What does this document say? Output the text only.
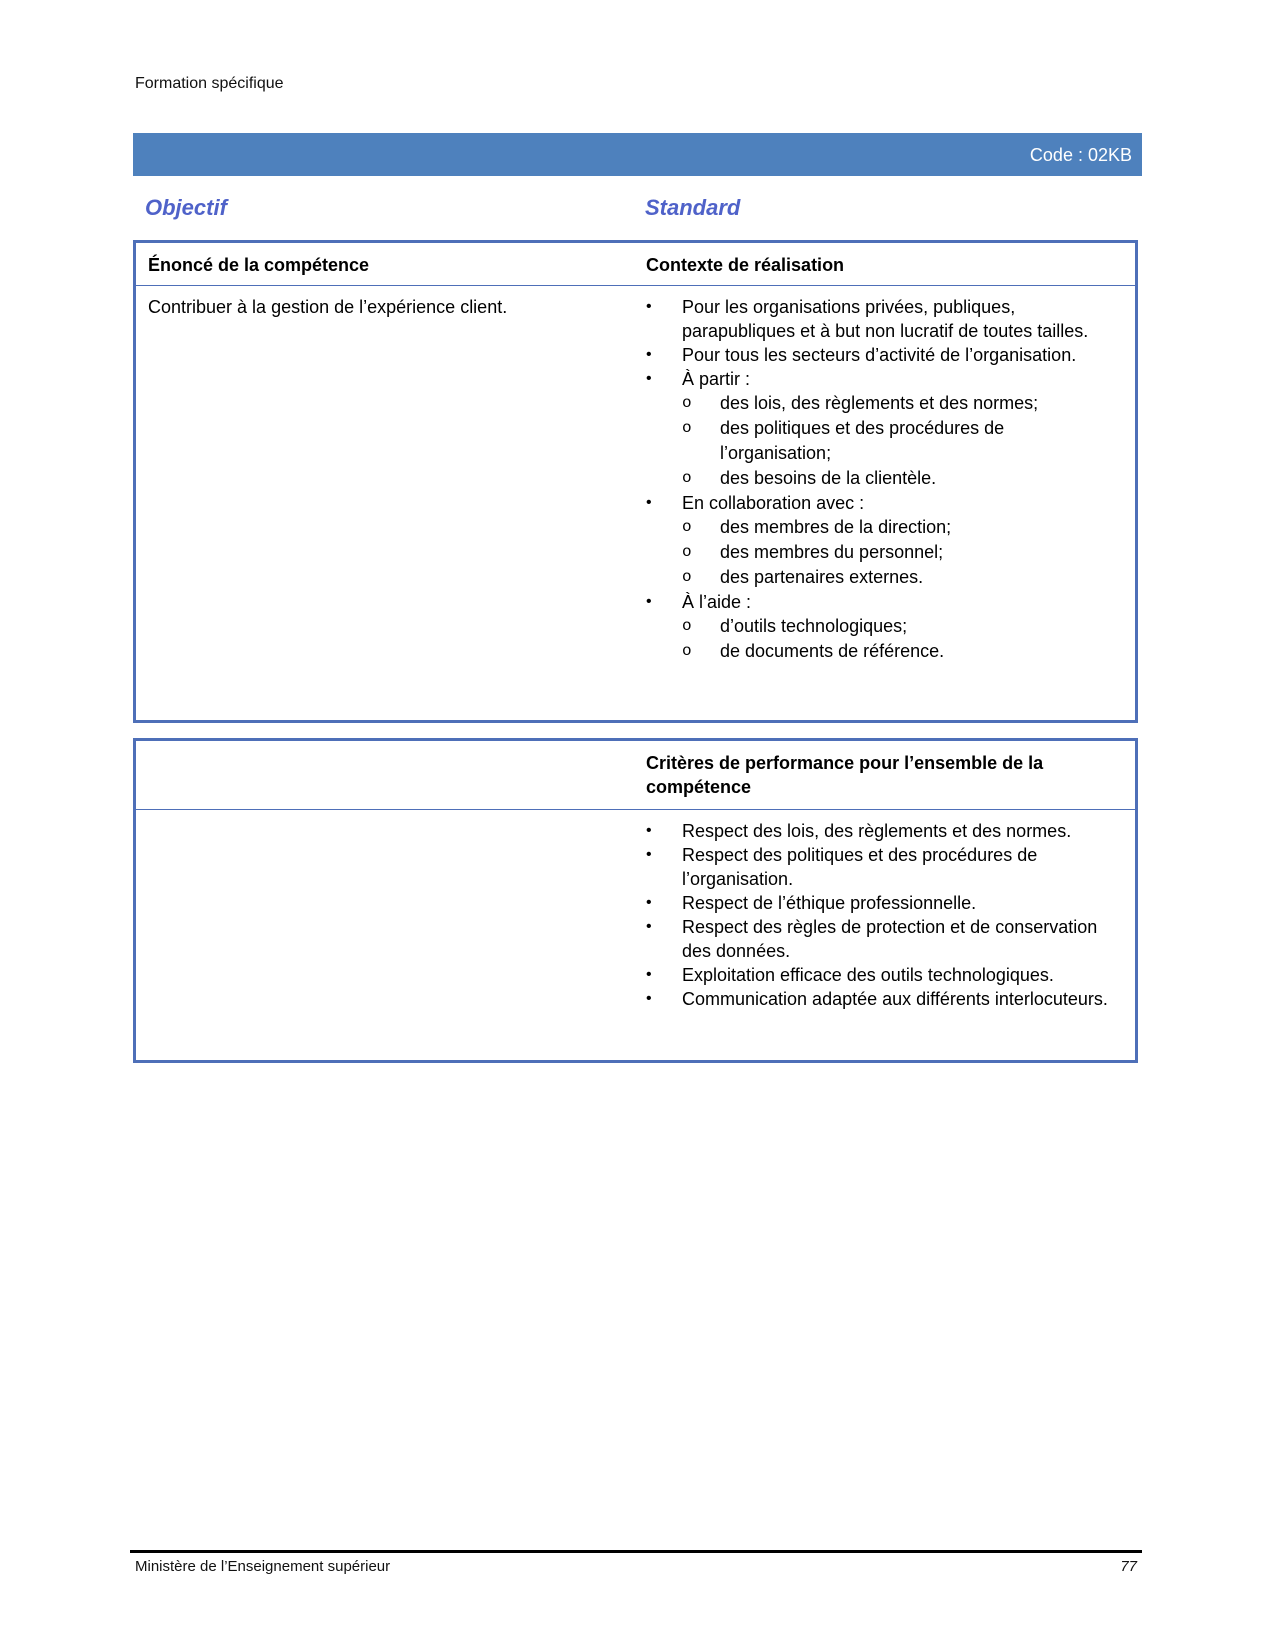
Formation spécifique
Code : 02KB
Objectif	Standard
Énoncé de la compétence	Contexte de réalisation
Contribuer à la gestion de l’expérience client.	• Pour les organisations privées, publiques, parapubliques et à but non lucratif de toutes tailles.
• Pour tous les secteurs d’activité de l’organisation.
• À partir :
o des lois, des règlements et des normes;
o des politiques et des procédures de l’organisation;
o des besoins de la clientèle.
• En collaboration avec :
o des membres de la direction;
o des membres du personnel;
o des partenaires externes.
• À l’aide :
o d’outils technologiques;
o de documents de référence.
Critères de performance pour l’ensemble de la compétence
• Respect des lois, des règlements et des normes.
• Respect des politiques et des procédures de l’organisation.
• Respect de l’éthique professionnelle.
• Respect des règles de protection et de conservation des données.
• Exploitation efficace des outils technologiques.
• Communication adaptée aux différents interlocuteurs.
Ministère de l’Enseignement supérieur	77
